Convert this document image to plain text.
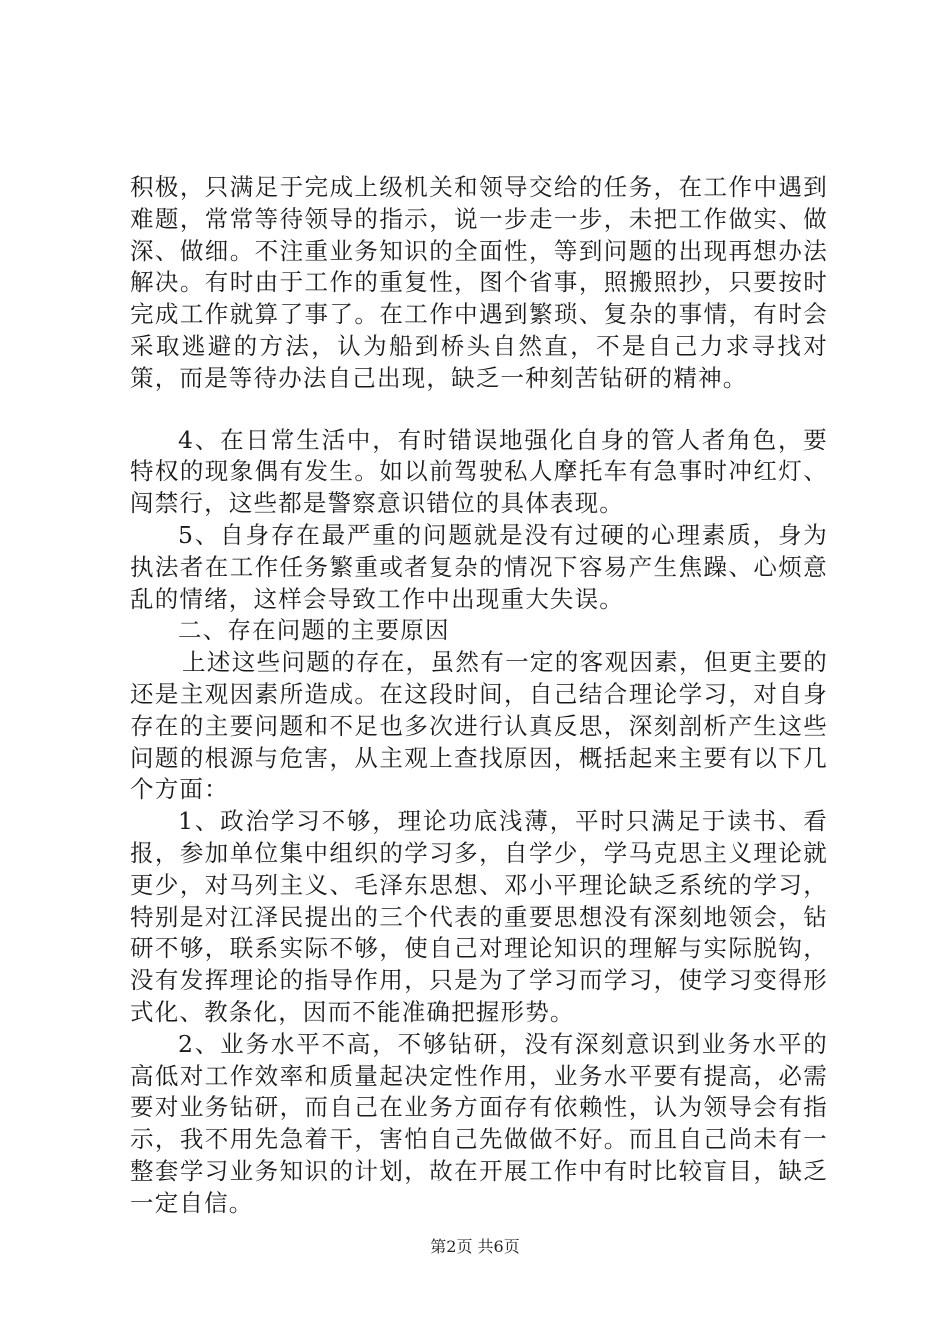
积极，只满足于完成上级机关和领导交给的任务，在工作中遇到难题，常常等待领导的指示，说一步走一步，未把工作做实、做深、做细。不注重业务知识的全面性，等到问题的出现再想办法解决。有时由于工作的重复性，图个省事，照搬照抄，只要按时完成工作就算了事了。在工作中遇到繁琐、复杂的事情，有时会采取逃避的方法，认为船到桥头自然直，不是自己力求寻找对策，而是等待办法自己出现，缺乏一种刻苦钻研的精神。

4、在日常生活中，有时错误地强化自身的管人者角色，要特权的现象偶有发生。如以前驾驶私人摩托车有急事时冲红灯、闯禁行，这些都是警察意识错位的具体表现。

5、自身存在最严重的问题就是没有过硬的心理素质，身为执法者在工作任务繁重或者复杂的情况下容易产生焦躁、心烦意乱的情绪，这样会导致工作中出现重大失误。

二、存在问题的主要原因

上述这些问题的存在，虽然有一定的客观因素，但更主要的还是主观因素所造成。在这段时间，自己结合理论学习，对自身存在的主要问题和不足也多次进行认真反思，深刻剖析产生这些问题的根源与危害，从主观上查找原因，概括起来主要有以下几个方面：

1、政治学习不够，理论功底浅薄，平时只满足于读书、看报，参加单位集中组织的学习多，自学少，学马克思主义理论就更少，对马列主义、毛泽东思想、邓小平理论缺乏系统的学习，特别是对江泽民提出的三个代表的重要思想没有深刻地领会，钻研不够，联系实际不够，使自己对理论知识的理解与实际脱钩，没有发挥理论的指导作用，只是为了学习而学习，使学习变得形式化、教条化，因而不能准确把握形势。

2、业务水平不高，不够钻研，没有深刻意识到业务水平的高低对工作效率和质量起决定性作用，业务水平要有提高，必需要对业务钻研，而自己在业务方面存有依赖性，认为领导会有指示，我不用先急着干，害怕自己先做做不好。而且自己尚未有一整套学习业务知识的计划，故在开展工作中有时比较盲目，缺乏一定自信。

第2页 共6页
